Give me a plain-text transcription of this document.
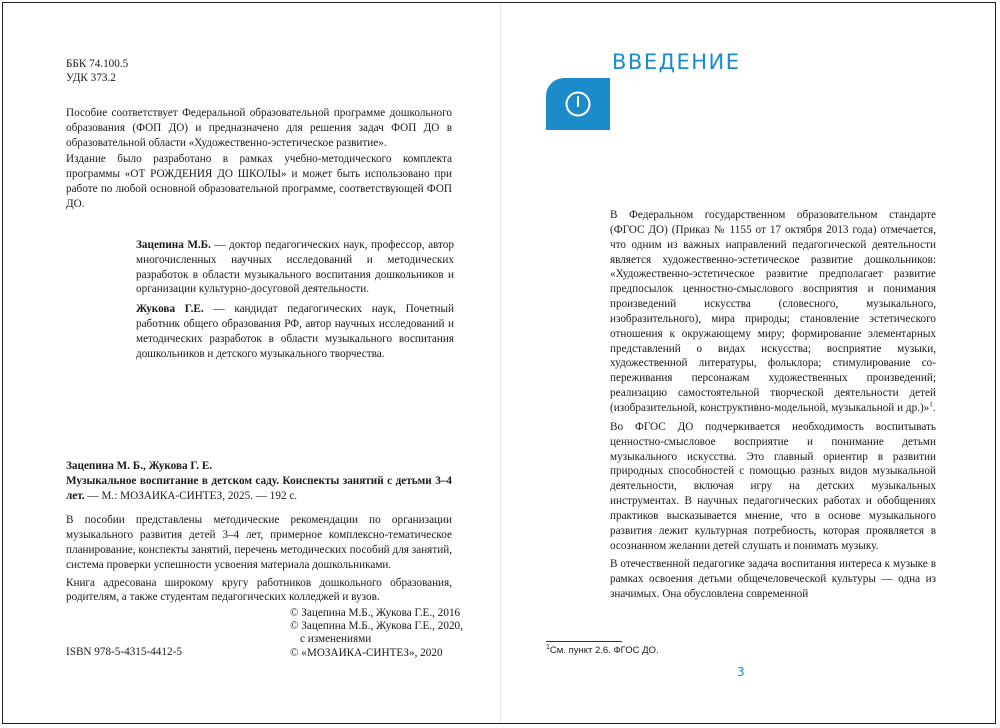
ББК 74.100.5
УДК 373.2

Пособие соответствует Федеральной образовательной программе дошкольного образования (ФОП ДО) и предназначено для решения задач ФОП ДО в образовательной области «Художественно-эстетическое развитие».

Издание было разработано в рамках учебно-методического комплекта программы «ОТ РОЖДЕНИЯ ДО ШКОЛЫ» и может быть использовано при работе по любой основной образовательной программе, соответствующей ФОП ДО.

Зацепина М.Б. — доктор педагогических наук, профессор, автор многочисленных научных исследований и методических разработок в области музыкального воспитания дошкольников и организации культурно-досуговой деятельности.

Жукова Г.Е. — кандидат педагогических наук, Почетный работник общего образования РФ, автор научных исследований и методических разработок в области музыкального воспитания дошкольников и детского музыкального творчества.

Зацепина М. Б., Жукова Г. Е.

Музыкальное воспитание в детском саду. Конспекты занятий с детьми 3–4 лет. — М.: МОЗАИКА-СИНТЕЗ, 2025. — 192 с.

В пособии представлены методические рекомендации по организации музыкального развития детей 3–4 лет, примерное комплексно-тематическое планирование, конспекты занятий, перечень методических пособий для занятий, система проверки успешности усвоения материала дошкольниками.

Книга адресована широкому кругу работников дошкольного образования, родителям, а также студентам педагогических колледжей и вузов.

© Зацепина М.Б., Жукова Г.Е., 2016
© Зацепина М.Б., Жукова Г.Е., 2020,
с изменениями
© «МОЗАИКА-СИНТЕЗ», 2020
ISBN 978-5-4315-4412-5
ВВЕДЕНИЕ

В Федеральном государственном образовательном стандарте (ФГОС ДО) (Приказ № 1155 от 17 октября 2013 года) отмечается, что одним из важных направлений педагогической деятельности является художественно-эстетическое развитие дошкольников: «Художественно-эстетическое развитие предполагает развитие предпосылок ценностно-смыслового восприятия и понимания произведений искусства (словесного, музыкального, изобразительного), мира природы; становление эстетического отношения к окружающему миру; формирование элементарных представлений о видах искусства; восприятие музыки, художественной литературы, фольклора; стимулирование со-переживания персонажам художественных произведений; реализацию самостоятельной творческой деятельности детей (изобразительной, конструктивно-модельной, музыкальной и др.)»$^1$.

Во ФГОС ДО подчеркивается необходимость воспитывать ценностно-смысловое восприятие и понимание детьми музыкального искусства. Это главный ориентир в развитии природных способностей с помощью разных видов музыкальной деятельности, включая игру на детских музыкальных инструментах. В научных педагогических работах и обобщениях практиков высказывается мнение, что в основе музыкального развития лежит культурная потребность, которая проявляется в осознанном желании детей слушать и понимать музыку.

В отечественной педагогике задача воспитания интереса к музыке в рамках освоения детьми общечеловеческой культуры — одна из значимых. Она обусловлена современной

$^1$См. пункт 2.6. ФГОС ДО.
3
